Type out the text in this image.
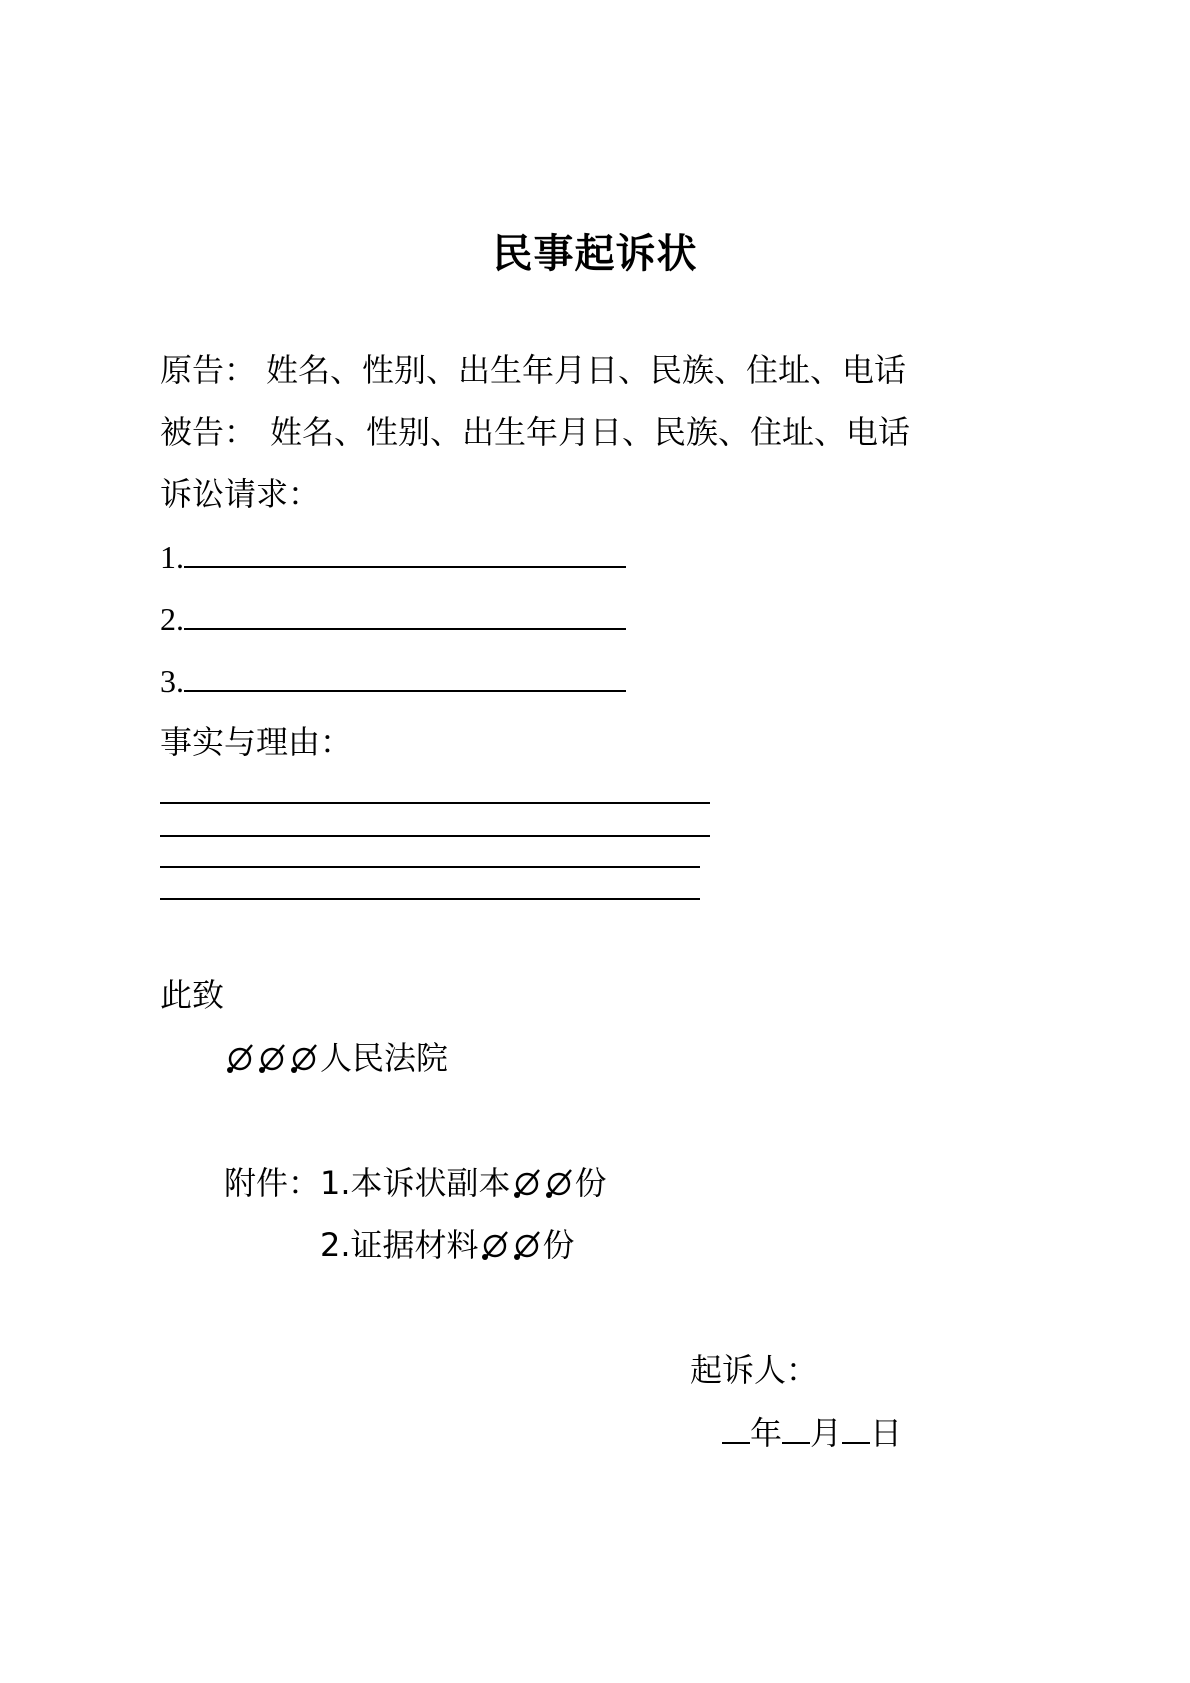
民事起诉状
原告： 姓名、性别、出生年月日、民族、住址、电话
被告： 姓名、性别、出生年月日、民族、住址、电话
诉讼请求：
1.
2.
3.
事实与理由：
此致
人民法院
附件：1.本诉状副本 份
2.证据材料 份
起诉人：
年 月 日
